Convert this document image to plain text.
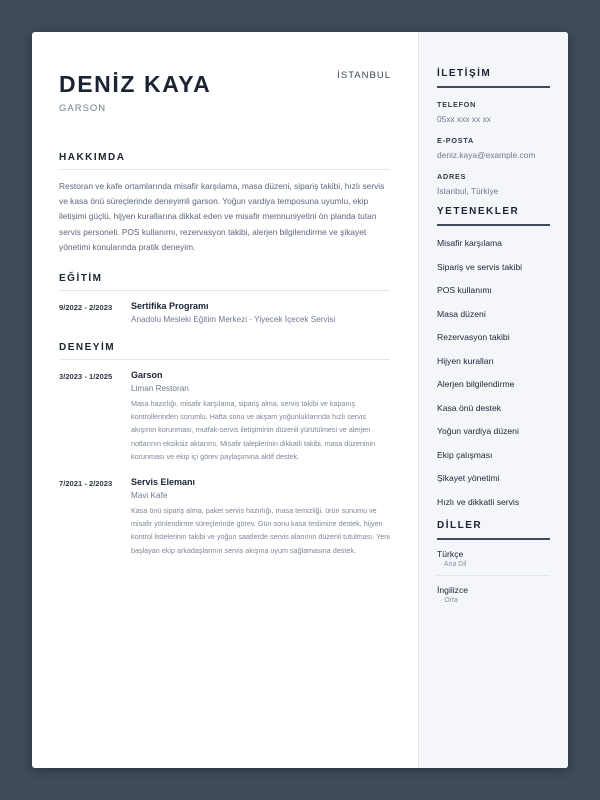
DENİZ KAYA
GARSON
İSTANBUL
HAKKIMDA
Restoran ve kafe ortamlarında misafir karşılama, masa düzeni, sipariş takibi, hızlı servis ve kasa önü süreçlerinde deneyimli garson. Yoğun vardiya temposuna uyumlu, ekip iletişimi güçlü, hijyen kurallarına dikkat eden ve misafir memnuniyetini ön planda tutan servis personeli. POS kullanımı, rezervasyon takibi, alerjen bilgilendirme ve şikayet yönetimi konularında pratik deneyim.
EĞİTİM
9/2022 - 2/2023	Sertifika Programı
Anadolu Mesleki Eğitim Merkezi - Yiyecek İçecek Servisi
DENEYİM
3/2023 - 1/2025	Garson
Liman Restoran
Masa hazırlığı, misafir karşılama, sipariş alma, servis takibi ve kapanış kontrollerinden sorumlu. Hafta sonu ve akşam yoğunluklarında hızlı servis akışının korunması, mutfak-servis iletişiminin düzenli yürütülmesi ve alerjen notlarının eksiksiz aktarımı. Misafir taleplerinin dikkatli takibi, masa düzeninin korunması ve ekip içi görev paylaşımına aktif destek.
7/2021 - 2/2023	Servis Elemanı
Mavi Kafe
Kasa önü sipariş alma, paket servis hazırlığı, masa temizliği, ürün sunumu ve misafir yönlendirme süreçlerinde görev. Gün sonu kasa teslimine destek, hijyen kontrol listelerinin takibi ve yoğun saatlerde servis alanının düzenli tutulması. Yeni başlayan ekip arkadaşlarının servis akışına uyum sağlamasına destek.
İLETİŞİM
TELEFON
05xx xxx xx xx
E-POSTA
deniz.kaya@example.com
ADRES
İstanbul, Türkiye
YETENEKLER
Misafir karşılama
Sipariş ve servis takibi
POS kullanımı
Masa düzeni
Rezervasyon takibi
Hijyen kuralları
Alerjen bilgilendirme
Kasa önü destek
Yoğun vardiya düzeni
Ekip çalışması
Şikayet yönetimi
Hızlı ve dikkatli servis
DİLLER
Türkçe
· Ana Dil
İngilizce
· Orta
